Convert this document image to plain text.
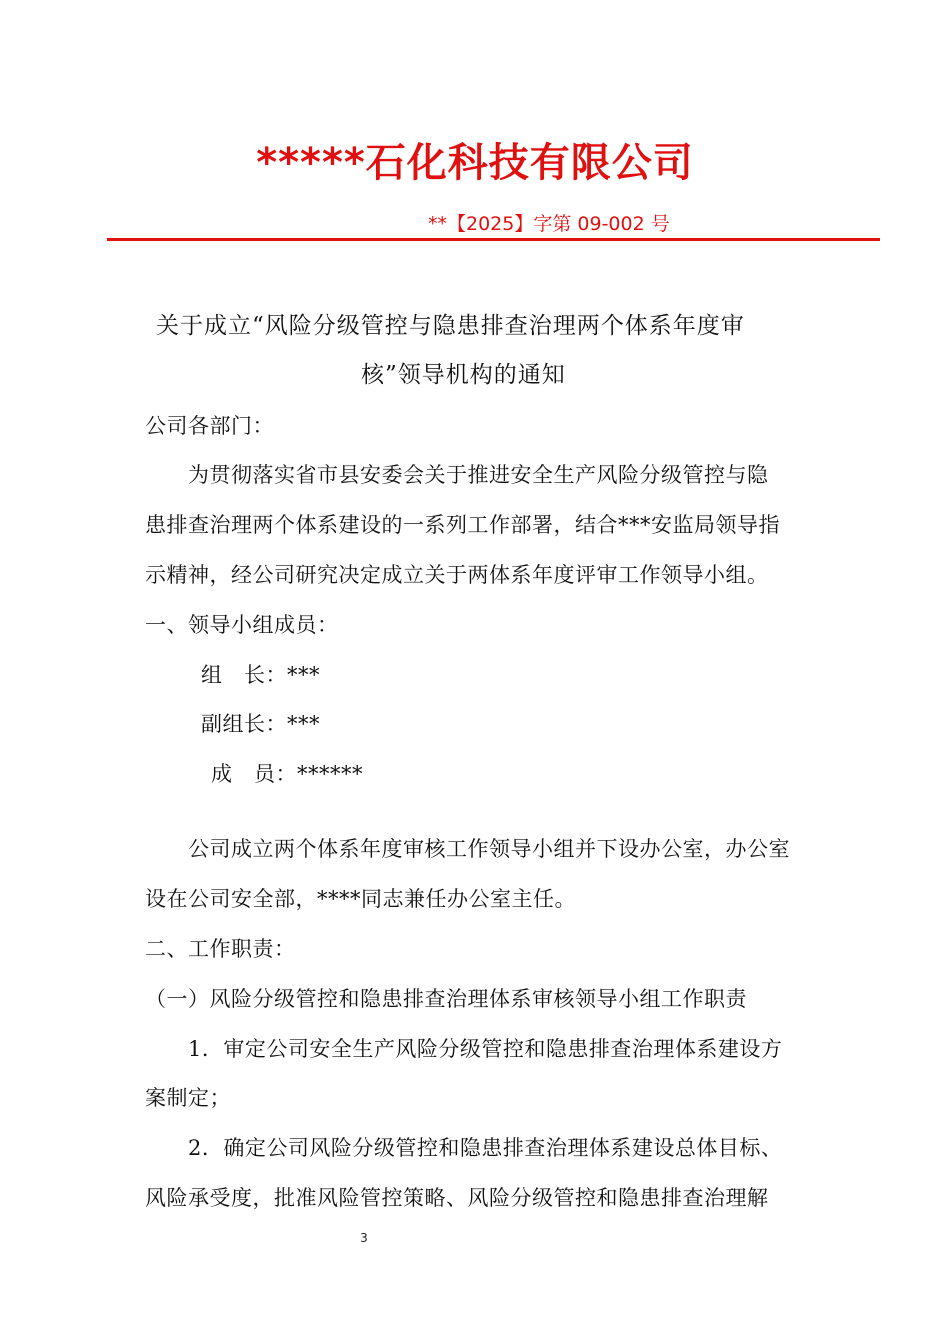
*****石化科技有限公司
**【2025】字第 09-002 号
关于成立“风险分级管控与隐患排查治理两个体系年度审
核”领导机构的通知
公司各部门：
为贯彻落实省市县安委会关于推进安全生产风险分级管控与隐
患排查治理两个体系建设的一系列工作部署，结合***安监局领导指
示精神，经公司研究决定成立关于两体系年度评审工作领导小组。
一、领导小组成员：
组　长：***
副组长：***
成　员：******
公司成立两个体系年度审核工作领导小组并下设办公室，办公室
设在公司安全部，****同志兼任办公室主任。
二、工作职责：
（一）风险分级管控和隐患排查治理体系审核领导小组工作职责
1．审定公司安全生产风险分级管控和隐患排查治理体系建设方
案制定；
2．确定公司风险分级管控和隐患排查治理体系建设总体目标、
风险承受度，批准风险管控策略、风险分级管控和隐患排查治理解
3
